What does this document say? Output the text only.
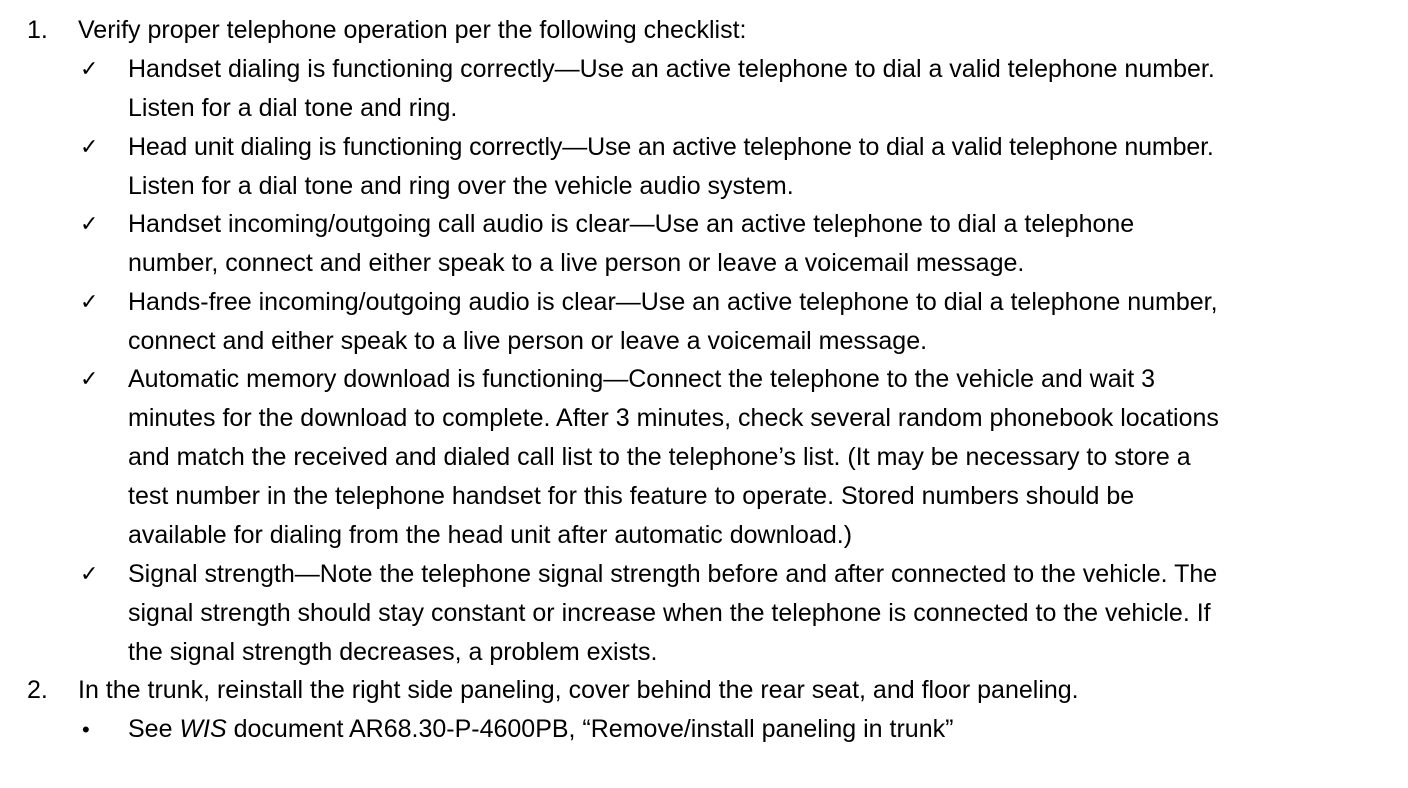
1. Verify proper telephone operation per the following checklist:
✓ Handset dialing is functioning correctly—Use an active telephone to dial a valid telephone number.
Listen for a dial tone and ring.
✓ Head unit dialing is functioning correctly—Use an active telephone to dial a valid telephone number.
Listen for a dial tone and ring over the vehicle audio system.
✓ Handset incoming/outgoing call audio is clear—Use an active telephone to dial a telephone
number, connect and either speak to a live person or leave a voicemail message.
✓ Hands-free incoming/outgoing audio is clear—Use an active telephone to dial a telephone number,
connect and either speak to a live person or leave a voicemail message.
✓ Automatic memory download is functioning—Connect the telephone to the vehicle and wait 3
minutes for the download to complete. After 3 minutes, check several random phonebook locations
and match the received and dialed call list to the telephone’s list. (It may be necessary to store a
test number in the telephone handset for this feature to operate. Stored numbers should be
available for dialing from the head unit after automatic download.)
✓ Signal strength—Note the telephone signal strength before and after connected to the vehicle. The
signal strength should stay constant or increase when the telephone is connected to the vehicle. If
the signal strength decreases, a problem exists.
2. In the trunk, reinstall the right side paneling, cover behind the rear seat, and floor paneling.
• See WIS document AR68.30-P-4600PB, “Remove/install paneling in trunk”
